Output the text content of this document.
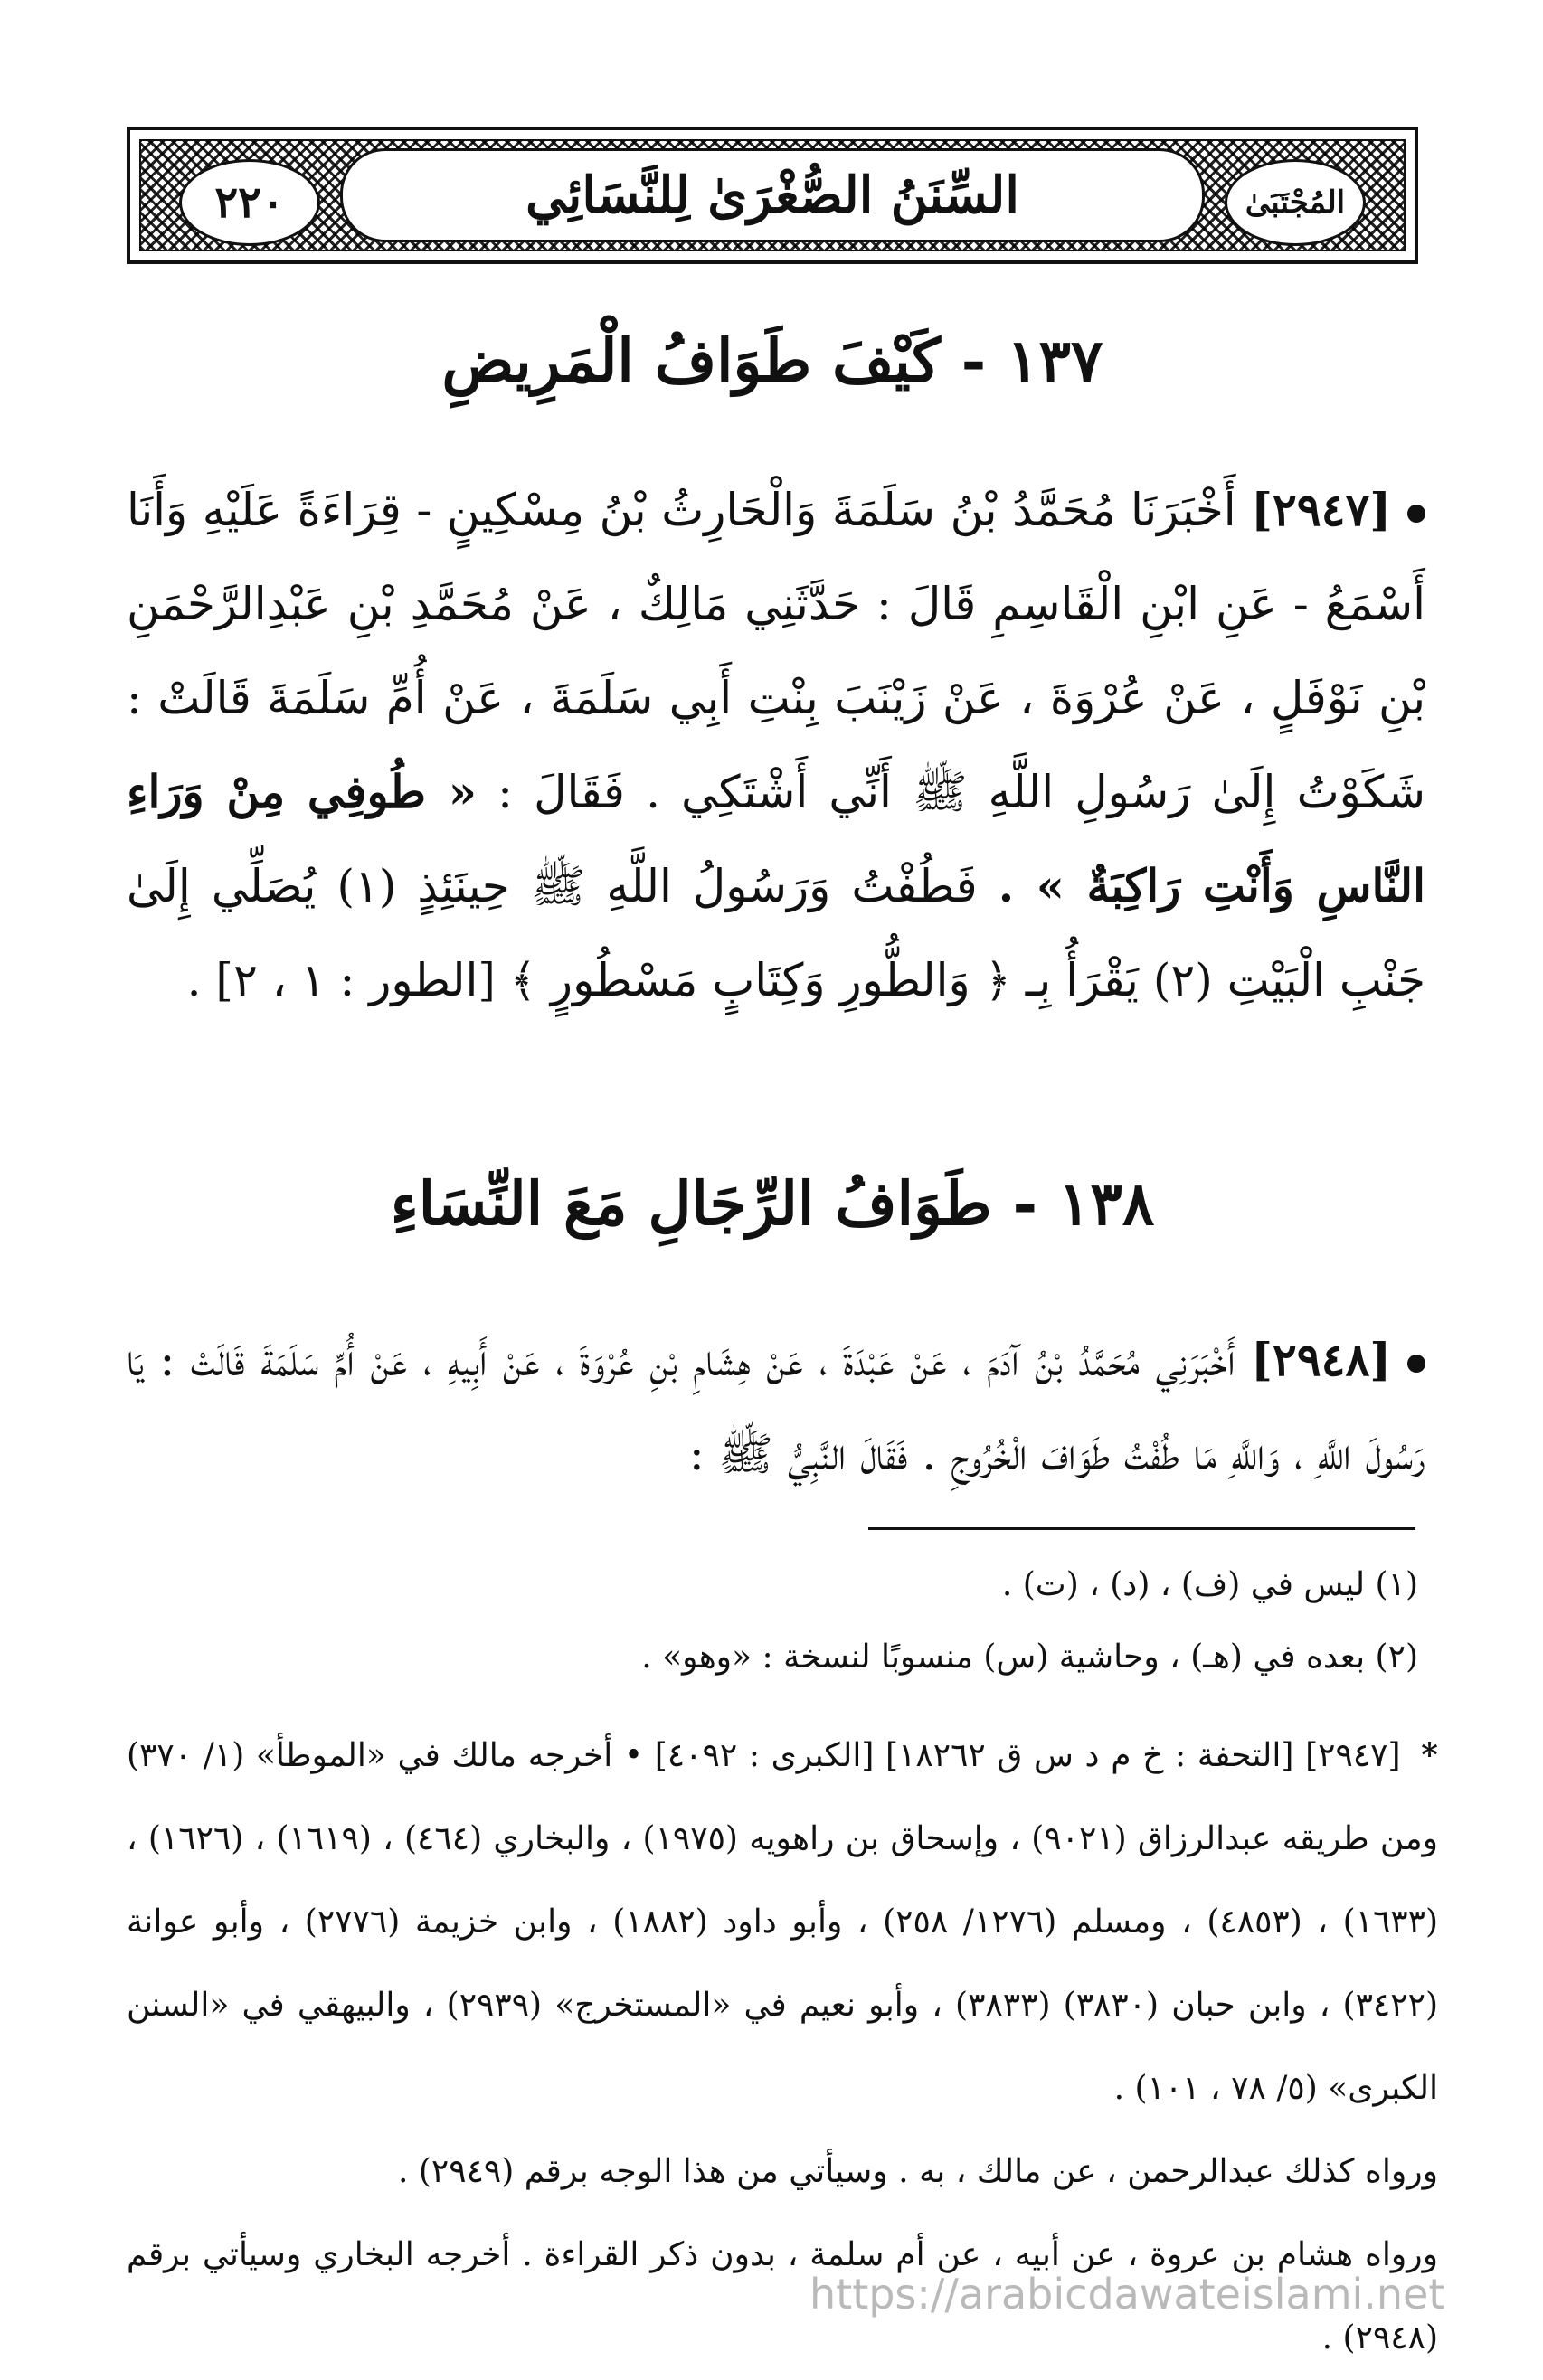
٢٢٠	السِّنَنُ الصُّغْرَىٰ لِلنَّسَائِي	المُجْتَبَىٰ
١٣٧ - كَيْفَ طَوَافُ الْمَرِيضِ
[٢٩٤٧] أَخْبَرَنَا مُحَمَّدُ بْنُ سَلَمَةَ وَالْحَارِثُ بْنُ مِسْكِينٍ - قِرَاءَةً عَلَيْهِ وَأَنَا أَسْمَعُ - عَنِ ابْنِ الْقَاسِمِ قَالَ : حَدَّثَنِي مَالِكٌ ، عَنْ مُحَمَّدِ بْنِ عَبْدِالرَّحْمَنِ بْنِ نَوْفَلٍ ، عَنْ عُرْوَةَ ، عَنْ زَيْنَبَ بِنْتِ أَبِي سَلَمَةَ ، عَنْ أُمِّ سَلَمَةَ قَالَتْ : شَكَوْتُ إِلَىٰ رَسُولِ اللَّهِ ﷺ أَنِّي أَشْتَكِي . فَقَالَ : « طُوفِي مِنْ وَرَاءِ النَّاسِ وَأَنْتِ رَاكِبَةٌ » . فَطُفْتُ وَرَسُولُ اللَّهِ ﷺ حِينَئِذٍ (١) يُصَلِّي إِلَىٰ جَنْبِ الْبَيْتِ (٢) يَقْرَأُ بِـ ﴿ وَالطُّورِ وَكِتَابٍ مَسْطُورٍ ﴾ [الطور : ١ ، ٢] .
١٣٨ - طَوَافُ الرِّجَالِ مَعَ النِّسَاءِ
[٢٩٤٨] أَخْبَرَنِي مُحَمَّدُ بْنُ آدَمَ ، عَنْ عَبْدَةَ ، عَنْ هِشَامِ بْنِ عُرْوَةَ ، عَنْ أَبِيهِ ، عَنْ أُمِّ سَلَمَةَ قَالَتْ : يَا رَسُولَ اللَّهِ ، وَاللَّهِ مَا طُفْتُ طَوَافَ الْخُرُوجِ . فَقَالَ النَّبِيُّ ﷺ :
(١) ليس في (ف) ، (د) ، (ت) .
(٢) بعده في (هـ) ، وحاشية (س) منسوبًا لنسخة : «وهو» .
* [٢٩٤٧] [التحفة : خ م د س ق ١٨٢٦٢] [الكبرى : ٤٠٩٢] • أخرجه مالك في «الموطأ» (١/ ٣٧٠) ومن طريقه عبدالرزاق (٩٠٢١) ، وإسحاق بن راهويه (١٩٧٥) ، والبخاري (٤٦٤) ، (١٦١٩) ، (١٦٢٦) ، (١٦٣٣) ، (٤٨٥٣) ، ومسلم (١٢٧٦/ ٢٥٨) ، وأبو داود (١٨٨٢) ، وابن خزيمة (٢٧٧٦) ، وأبو عوانة (٣٤٢٢) ، وابن حبان (٣٨٣٠) (٣٨٣٣) ، وأبو نعيم في «المستخرج» (٢٩٣٩) ، والبيهقي في «السنن الكبرى» (٥/ ٧٨ ، ١٠١) .
ورواه كذلك عبدالرحمن ، عن مالك ، به . وسيأتي من هذا الوجه برقم (٢٩٤٩) .
ورواه هشام بن عروة ، عن أبيه ، عن أم سلمة ، بدون ذكر القراءة . أخرجه البخاري وسيأتي برقم (٢٩٤٨) .
https://arabicdawateislami.net
